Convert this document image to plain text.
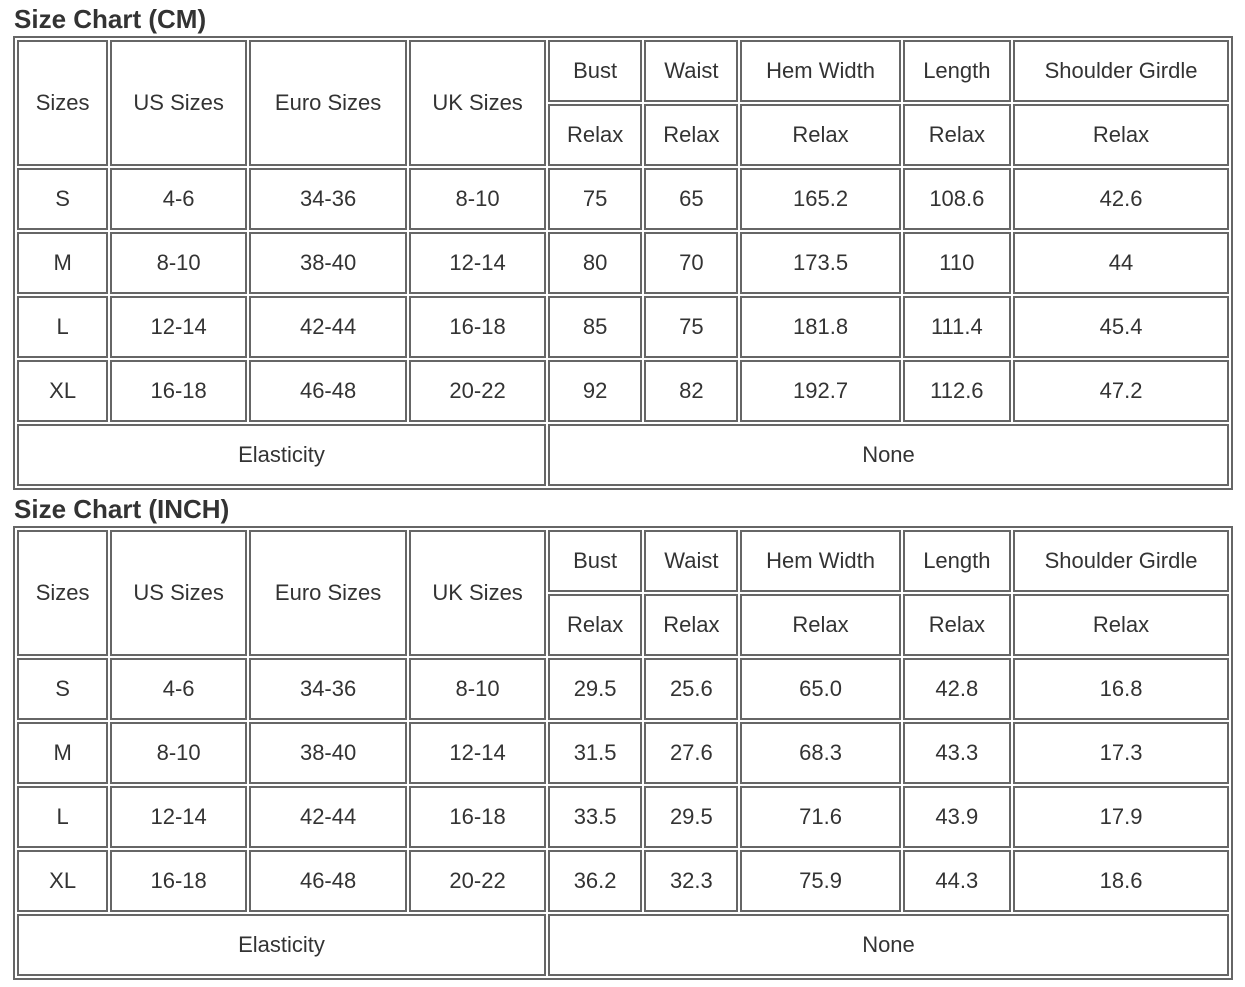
Size Chart (CM)
Sizes	US Sizes	Euro Sizes	UK Sizes	Bust	Waist	Hem Width	Length	Shoulder Girdle
				Relax	Relax	Relax	Relax	Relax
S	4-6	34-36	8-10	75	65	165.2	108.6	42.6
M	8-10	38-40	12-14	80	70	173.5	110	44
L	12-14	42-44	16-18	85	75	181.8	111.4	45.4
XL	16-18	46-48	20-22	92	82	192.7	112.6	47.2
Elasticity				None				
Size Chart (INCH)
Sizes	US Sizes	Euro Sizes	UK Sizes	Bust	Waist	Hem Width	Length	Shoulder Girdle
				Relax	Relax	Relax	Relax	Relax
S	4-6	34-36	8-10	29.5	25.6	65.0	42.8	16.8
M	8-10	38-40	12-14	31.5	27.6	68.3	43.3	17.3
L	12-14	42-44	16-18	33.5	29.5	71.6	43.9	17.9
XL	16-18	46-48	20-22	36.2	32.3	75.9	44.3	18.6
Elasticity				None				
